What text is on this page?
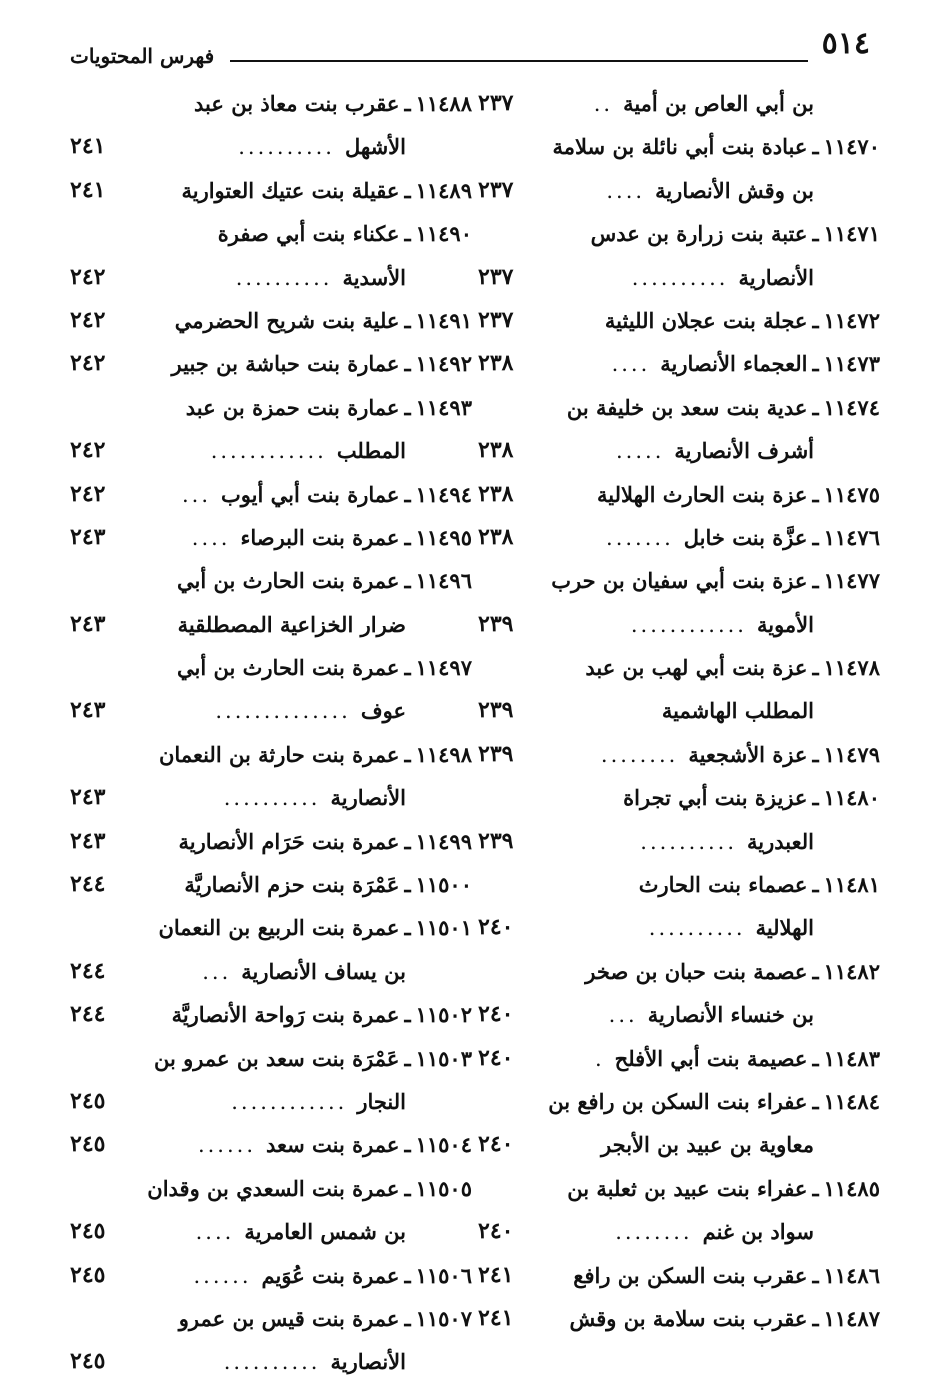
٥١٤
فهرس المحتويات
بن أبي العاص بن أمية..
٢٣٧
١١٤٧٠ـعبادة بنت أبي نائلة بن سلامة
بن وقش الأنصارية....
٢٣٧
١١٤٧١ـعتبة بنت زرارة بن عدس
الأنصارية..........
٢٣٧
١١٤٧٢ـعجلة بنت عجلان الليثية
٢٣٧
١١٤٧٣ـالعجماء الأنصارية....
٢٣٨
١١٤٧٤ـعدية بنت سعد بن خليفة بن
أشرف الأنصارية.....
٢٣٨
١١٤٧٥ـعزة بنت الحارث الهلالية
٢٣٨
١١٤٧٦ـعزَّة بنت خابل.......
٢٣٨
١١٤٧٧ـعزة بنت أبي سفيان بن حرب
الأموية............
٢٣٩
١١٤٧٨ـعزة بنت أبي لهب بن عبد
المطلب الهاشمية
٢٣٩
١١٤٧٩ـعزة الأشجعية........
٢٣٩
١١٤٨٠ـعزيزة بنت أبي تجراة
العبدرية..........
٢٣٩
١١٤٨١ـعصماء بنت الحارث
الهلالية..........
٢٤٠
١١٤٨٢ـعصمة بنت حبان بن صخر
بن خنساء الأنصارية...
٢٤٠
١١٤٨٣ـعصيمة بنت أبي الأفلح.
٢٤٠
١١٤٨٤ـعفراء بنت السكن بن رافع بن
معاوية بن عبيد بن الأبجر
٢٤٠
١١٤٨٥ـعفراء بنت عبيد بن ثعلبة بن
سواد بن غنم........
٢٤٠
١١٤٨٦ـعقرب بنت السكن بن رافع
٢٤١
١١٤٨٧ـعقرب بنت سلامة بن وقش
٢٤١
١١٤٨٨ـعقرب بنت معاذ بن عبد
الأشهل..........
٢٤١
١١٤٨٩ـعقيلة بنت عتيك العتوارية
٢٤١
١١٤٩٠ـعكناء بنت أبي صفرة
الأسدية..........
٢٤٢
١١٤٩١ـعلية بنت شريح الحضرمي
٢٤٢
١١٤٩٢ـعمارة بنت حباشة بن جبير
٢٤٢
١١٤٩٣ـعمارة بنت حمزة بن عبد
المطلب............
٢٤٢
١١٤٩٤ـعمارة بنت أبي أيوب...
٢٤٢
١١٤٩٥ـعمرة بنت البرصاء....
٢٤٣
١١٤٩٦ـعمرة بنت الحارث بن أبي
ضرار الخزاعية المصطلقية
٢٤٣
١١٤٩٧ـعمرة بنت الحارث بن أبي
عوف..............
٢٤٣
١١٤٩٨ـعمرة بنت حارثة بن النعمان
الأنصارية..........
٢٤٣
١١٤٩٩ـعمرة بنت حَرَام الأنصارية
٢٤٣
١١٥٠٠ـعَمْرَة بنت حزم الأنصاريَّة
٢٤٤
١١٥٠١ـعمرة بنت الربيع بن النعمان
بن يساف الأنصارية...
٢٤٤
١١٥٠٢ـعمرة بنت رَواحة الأنصاريَّة
٢٤٤
١١٥٠٣ـعَمْرَة بنت سعد بن عمرو بن
النجار............
٢٤٥
١١٥٠٤ـعمرة بنت سعد......
٢٤٥
١١٥٠٥ـعمرة بنت السعدي بن وقدان
بن شمس العامرية....
٢٤٥
١١٥٠٦ـعمرة بنت عُوَيم......
٢٤٥
١١٥٠٧ـعمرة بنت قيس بن عمرو
الأنصارية..........
٢٤٥
